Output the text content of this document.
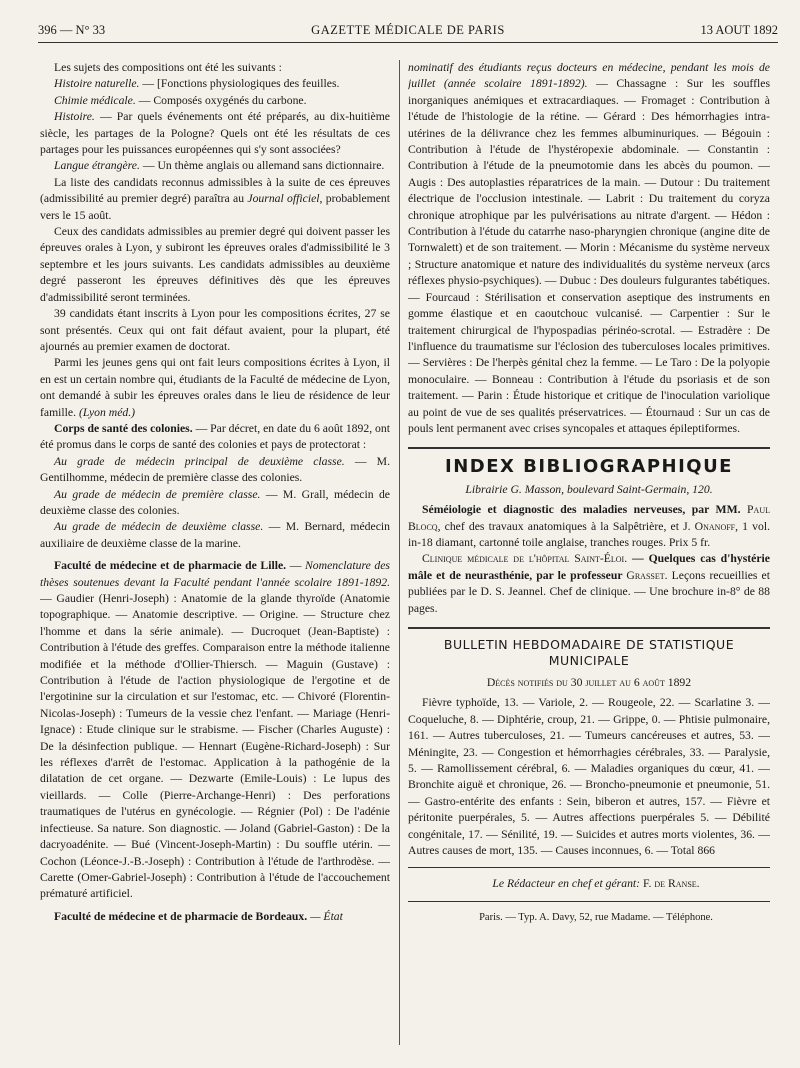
396 — N° 33	GAZETTE MÉDICALE DE PARIS	13 AOUT 1892

Les sujets des compositions ont été les suivants :

Histoire naturelle. — [Fonctions physiologiques des feuilles.

Chimie médicale. — Composés oxygénés du carbone.

Histoire. — Par quels événements ont été préparés, au dix-huitième siècle, les partages de la Pologne? Quels ont été les résultats de ces partages pour les puissances européennes qui s'y sont associées?

Langue étrangère. — Un thème anglais ou allemand sans dictionnaire.

La liste des candidats reconnus admissibles à la suite de ces épreuves (admissibilité au premier degré) paraîtra au Journal officiel, probablement vers le 15 août.

Ceux des candidats admissibles au premier degré qui doivent passer les épreuves orales à Lyon, y subiront les épreuves orales d'admissibilité le 3 septembre et les jours suivants. Les candidats admissibles au deuxième degré passeront les épreuves définitives dès que les épreuves d'admissibilité seront terminées.

39 candidats étant inscrits à Lyon pour les compositions écrites, 27 se sont présentés. Ceux qui ont fait défaut avaient, pour la plupart, été ajournés au premier examen de doctorat.

Parmi les jeunes gens qui ont fait leurs compositions écrites à Lyon, il en est un certain nombre qui, étudiants de la Faculté de médecine de Lyon, ont demandé à subir les épreuves orales dans le lieu de résidence de leur famille. (Lyon méd.)

Corps de santé des colonies. — Par décret, en date du 6 août 1892, ont été promus dans le corps de santé des colonies et pays de protectorat :

Au grade de médecin principal de deuxième classe. — M. Gentilhomme, médecin de première classe des colonies.

Au grade de médecin de première classe. — M. Grall, médecin de deuxième classe des colonies.

Au grade de médecin de deuxième classe. — M. Bernard, médecin auxiliaire de deuxième classe de la marine.

Faculté de médecine et de pharmacie de Lille. — Nomenclature des thèses soutenues devant la Faculté pendant l'année scolaire 1891-1892. — Gaudier (Henri-Joseph) : Anatomie de la glande thyroïde (Anatomie topographique. — Anatomie descriptive. — Origine. — Structure chez l'homme et dans la série animale). — Ducroquet (Jean-Baptiste) : Contribution à l'étude des greffes. Comparaison entre la méthode italienne modifiée et la méthode d'Ollier-Thiersch. — Maguin (Gustave) : Contribution à l'étude de l'action physiologique de l'ergotine et de l'ergotinine sur la circulation et sur l'estomac, etc. — Chivoré (Florentin-Nicolas-Joseph) : Tumeurs de la vessie chez l'enfant. — Mariage (Henri-Ignace) : Etude clinique sur le strabisme. — Fischer (Charles Auguste) : De la désinfection publique. — Hennart (Eugène-Richard-Joseph) : Sur les réflexes d'arrêt de l'estomac. Application à la pathogénie de la dilatation de cet organe. — Dezwarte (Emile-Louis) : Le lupus des vieillards. — Colle (Pierre-Archange-Henri) : Des perforations traumatiques de l'utérus en gynécologie. — Régnier (Pol) : De l'adénie infectieuse. Sa nature. Son diagnostic. — Joland (Gabriel-Gaston) : De la dacryoadénite. — Bué (Vincent-Joseph-Martin) : Du souffle utérin. — Cochon (Léonce-J.-B.-Joseph) : Contribution à l'étude de l'arthrodèse. — Carette (Omer-Gabriel-Joseph) : Contribution à l'étude de l'accouchement prématuré artificiel.

Faculté de médecine et de pharmacie de Bordeaux. — État

nominatif des étudiants reçus docteurs en médecine, pendant les mois de juillet (année scolaire 1891-1892). — Chassagne : Sur les souffles inorganiques anémiques et extracardiaques. — Fromaget : Contribution à l'étude de l'histologie de la rétine. — Gérard : Des hémorrhagies intra-utérines de la délivrance chez les femmes albuminuriques. — Bégouin : Contribution à l'étude de l'hystéropexie abdominale. — Constantin : Contribution à l'étude de la pneumotomie dans les abcès du poumon. — Augis : Des autoplasties réparatrices de la main. — Dutour : Du traitement électrique de l'occlusion intestinale. — Labrit : Du traitement du coryza chronique atrophique par les pulvérisations au nitrate d'argent. — Hédon : Contribution à l'étude du catarrhe naso-pharyngien chronique (angine dite de Tornwalett) et de son traitement. — Morin : Mécanisme du système nerveux ; Structure anatomique et nature des individualités du système nerveux (arcs réflexes physio-psychiques). — Dubuc : Des douleurs fulgurantes tabétiques. — Fourcaud : Stérilisation et conservation aseptique des instruments en gomme élastique et en caoutchouc vulcanisé. — Carpentier : Sur le traitement chirurgical de l'hypospadias périnéo-scrotal. — Estradère : De l'influence du traumatisme sur l'éclosion des tuberculoses locales primitives. — Servières : De l'herpès génital chez la femme. — Le Taro : De la polyopie monoculaire. — Bonneau : Contribution à l'étude du psoriasis et de son traitement. — Parin : Étude historique et critique de l'inoculation variolique au point de vue de ses qualités préservatrices. — Étournaud : Sur un cas de pouls lent permanent avec crises syncopales et attaques épileptiformes.

INDEX BIBLIOGRAPHIQUE

Librairie G. Masson, boulevard Saint-Germain, 120.

Séméiologie et diagnostic des maladies nerveuses, par MM. Paul Blocq, chef des travaux anatomiques à la Salpêtrière, et J. Onanoff, 1 vol. in-18 diamant, cartonné toile anglaise, tranches rouges. Prix 5 fr.

Clinique médicale de l'hôpital Saint-Éloi. — Quelques cas d'hystérie mâle et de neurasthénie, par le professeur Grasset. Leçons recueillies et publiées par le D. S. Jeannel. Chef de clinique. — Une brochure in-8° de 88 pages.

BULLETIN HEBDOMADAIRE DE STATISTIQUE
MUNICIPALE

Décès notifiés du 30 juillet au 6 août 1892

Fièvre typhoïde, 13. — Variole, 2. — Rougeole, 22. — Scarlatine 3. — Coqueluche, 8. — Diphtérie, croup, 21. — Grippe, 0. — Phtisie pulmonaire, 161. — Autres tuberculoses, 21. — Tumeurs cancéreuses et autres, 53. — Méningite, 23. — Congestion et hémorrhagies cérébrales, 33. — Paralysie, 5. — Ramollissement cérébral, 6. — Maladies organiques du cœur, 41. — Bronchite aiguë et chronique, 26. — Broncho-pneumonie et pneumonie, 51. — Gastro-entérite des enfants : Sein, biberon et autres, 157. — Fièvre et péritonite puerpérales, 5. — Autres affections puerpérales 5. — Débilité congénitale, 17. — Sénilité, 19. — Suicides et autres morts violentes, 36. — Autres causes de mort, 135. — Causes inconnues, 6. — Total 866

Le Rédacteur en chef et gérant: F. de Ranse.

Paris. — Typ. A. Davy, 52, rue Madame. — Téléphone.
